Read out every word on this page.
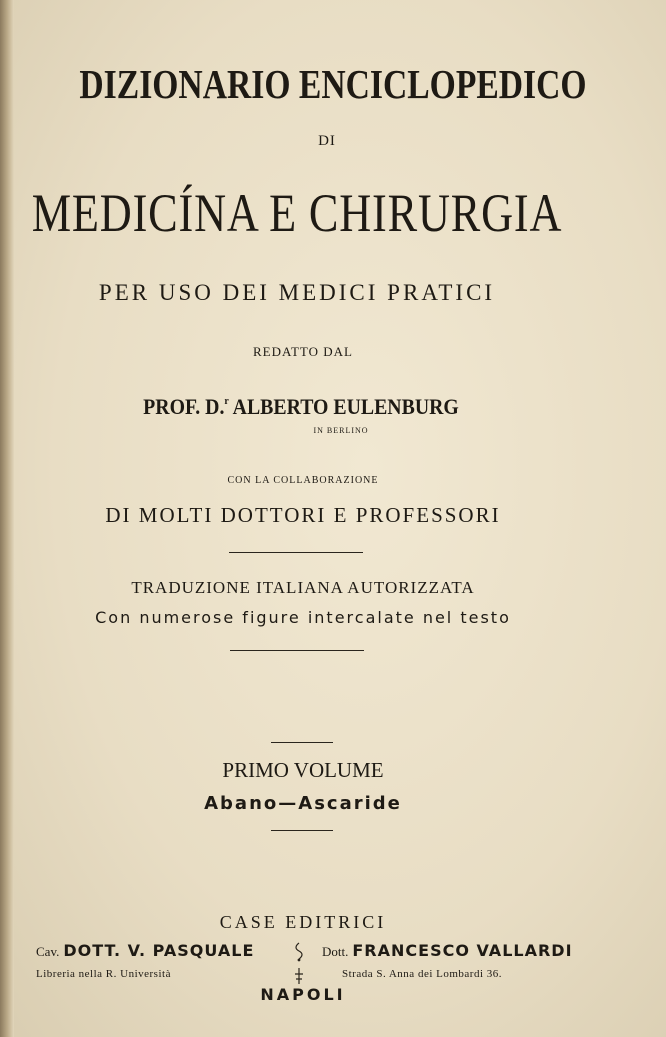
DIZIONARIO ENCICLOPEDICO
DI
MEDICÍNA E CHIRURGIA
PER USO DEI MEDICI PRATICI
REDATTO DAL
PROF. D.$^r$ ALBERTO EULENBURG
IN BERLINO
CON LA COLLABORAZIONE
DI MOLTI DOTTORI E PROFESSORI
TRADUZIONE ITALIANA AUTORIZZATA
Con numerose figure intercalate nel testo
PRIMO VOLUME
Abano—Ascaride
CASE EDITRICI
Cav. DOTT. V. PASQUALE	Dott. FRANCESCO VALLARDI
Libreria nella R. Università	Strada S. Anna dei Lombardi 36.
NAPOLI
